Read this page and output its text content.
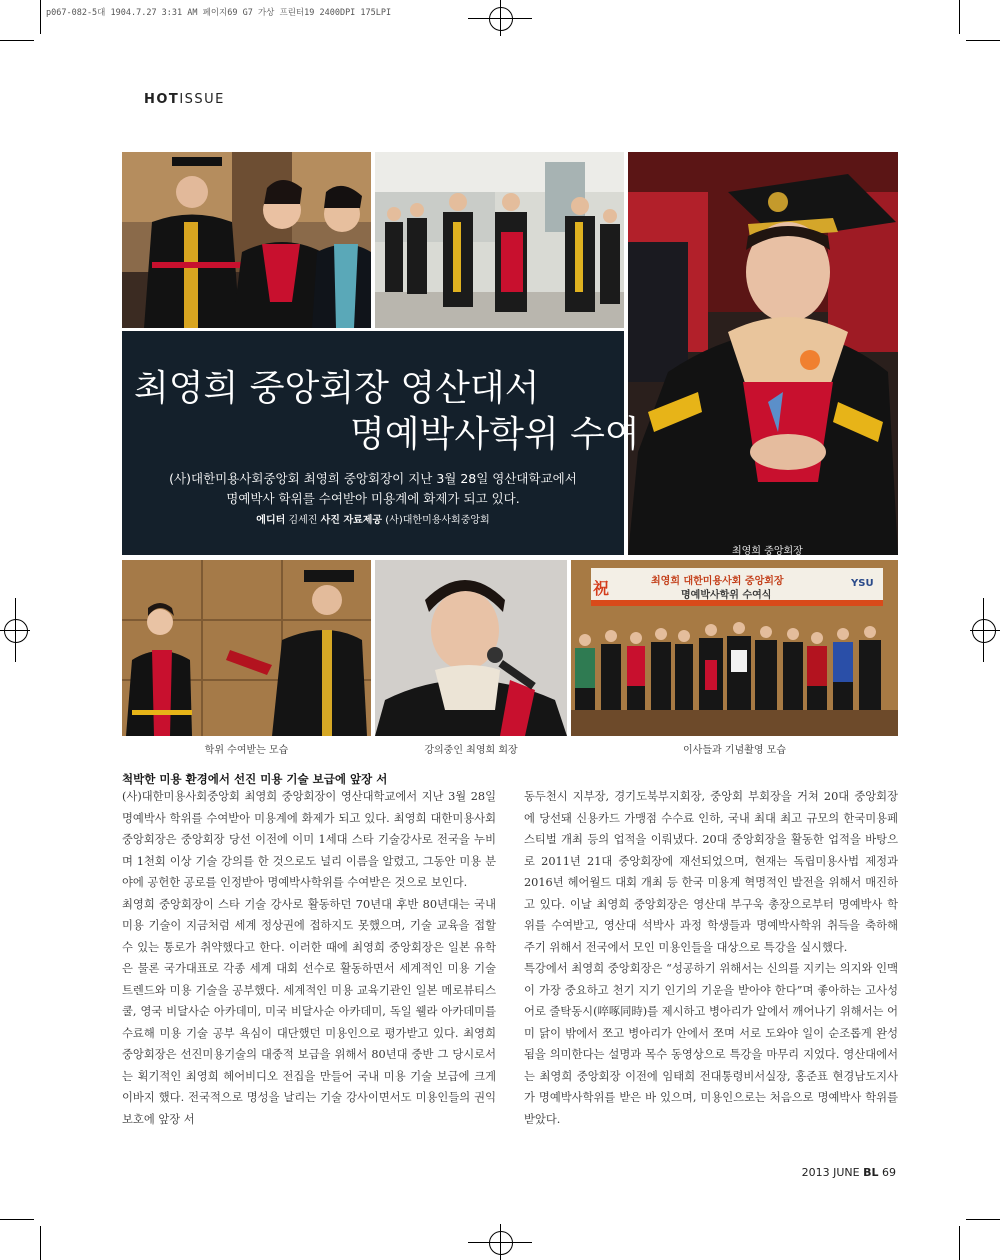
p067-082-5대 1904.7.27 3:31 AM 페이지69 G7 가상 프린터19 2400DPI 175LPI
HOTISSUE
최영희 중앙회장
최영희 중앙회장 영산대서
명예박사학위 수여
(사)대한미용사회중앙회 최영희 중앙회장이 지난 3월 28일 영산대학교에서
명예박사 학위를 수여받아 미용계에 화제가 되고 있다.
에디터 김세진 사진 자료제공 (사)대한미용사회중앙회
祝	최영희 대한미용사회 중앙회장
명예박사학위 수여식
YSU
학위 수여받는 모습	강의중인 최영희 회장	이사들과 기념촬영 모습
척박한 미용 환경에서 선진 미용 기술 보급에 앞장 서

(사)대한미용사회중앙회 최영희 중앙회장이 영산대학교에서 지난 3월 28일 명예박사 학위를 수여받아 미용계에 화제가 되고 있다. 최영희 대한미용사회중앙회장은 중앙회장 당선 이전에 이미 1세대 스타 기술강사로 전국을 누비며 1천회 이상 기술 강의를 한 것으로도 널리 이름을 알렸고, 그동안 미용 분야에 공헌한 공로를 인정받아 명예박사학위를 수여받은 것으로 보인다.

최영희 중앙회장이 스타 기술 강사로 활동하던 70년대 후반 80년대는 국내 미용 기술이 지금처럼 세계 정상권에 접하지도 못했으며, 기술 교육을 접할 수 있는 통로가 취약했다고 한다. 이러한 때에 최영희 중앙회장은 일본 유학은 물론 국가대표로 각종 세계 대회 선수로 활동하면서 세계적인 미용 기술 트렌드와 미용 기술을 공부했다. 세계적인 미용 교육기관인 일본 메로뷰티스쿨, 영국 비달사순 아카데미, 미국 비달사순 아카데미, 독일 웰라 아카데미를 수료해 미용 기술 공부 욕심이 대단했던 미용인으로 평가받고 있다. 최영희 중앙회장은 선진미용기술의 대중적 보급을 위해서 80년대 중반 그 당시로서는 획기적인 최영희 헤어비디오 전집을 만들어 국내 미용 기술 보급에 크게 이바지 했다. 전국적으로 명성을 날리는 기술 강사이면서도 미용인들의 권익 보호에 앞장 서

동두천시 지부장, 경기도북부지회장, 중앙회 부회장을 거쳐 20대 중앙회장에 당선돼 신용카드 가맹점 수수료 인하, 국내 최대 최고 규모의 한국미용페스티벌 개최 등의 업적을 이뤄냈다. 20대 중앙회장을 활동한 업적을 바탕으로 2011년 21대 중앙회장에 재선되었으며, 현재는 독립미용사법 제정과 2016년 헤어월드 대회 개최 등 한국 미용계 혁명적인 발전을 위해서 매진하고 있다. 이날 최영희 중앙회장은 영산대 부구욱 총장으로부터 명예박사 학위를 수여받고, 영산대 석박사 과정 학생들과 명예박사학위 취득을 축하해 주기 위해서 전국에서 모인 미용인들을 대상으로 특강을 실시했다.

특강에서 최영희 중앙회장은 “성공하기 위해서는 신의를 지키는 의지와 인맥이 가장 중요하고 천기 지기 인기의 기운을 받아야 한다”며 좋아하는 고사성어로 줄탁동시(啐啄同時)를 제시하고 병아리가 알에서 깨어나기 위해서는 어미 닭이 밖에서 쪼고 병아리가 안에서 쪼며 서로 도와야 일이 순조롭게 완성됨을 의미한다는 설명과 목수 동영상으로 특강을 마무리 지었다. 영산대에서는 최영희 중앙회장 이전에 임태희 전대통령비서실장, 홍준표 현경남도지사가 명예박사학위를 받은 바 있으며, 미용인으로는 처음으로 명예박사 학위를 받았다.

2013 JUNE BL 69
